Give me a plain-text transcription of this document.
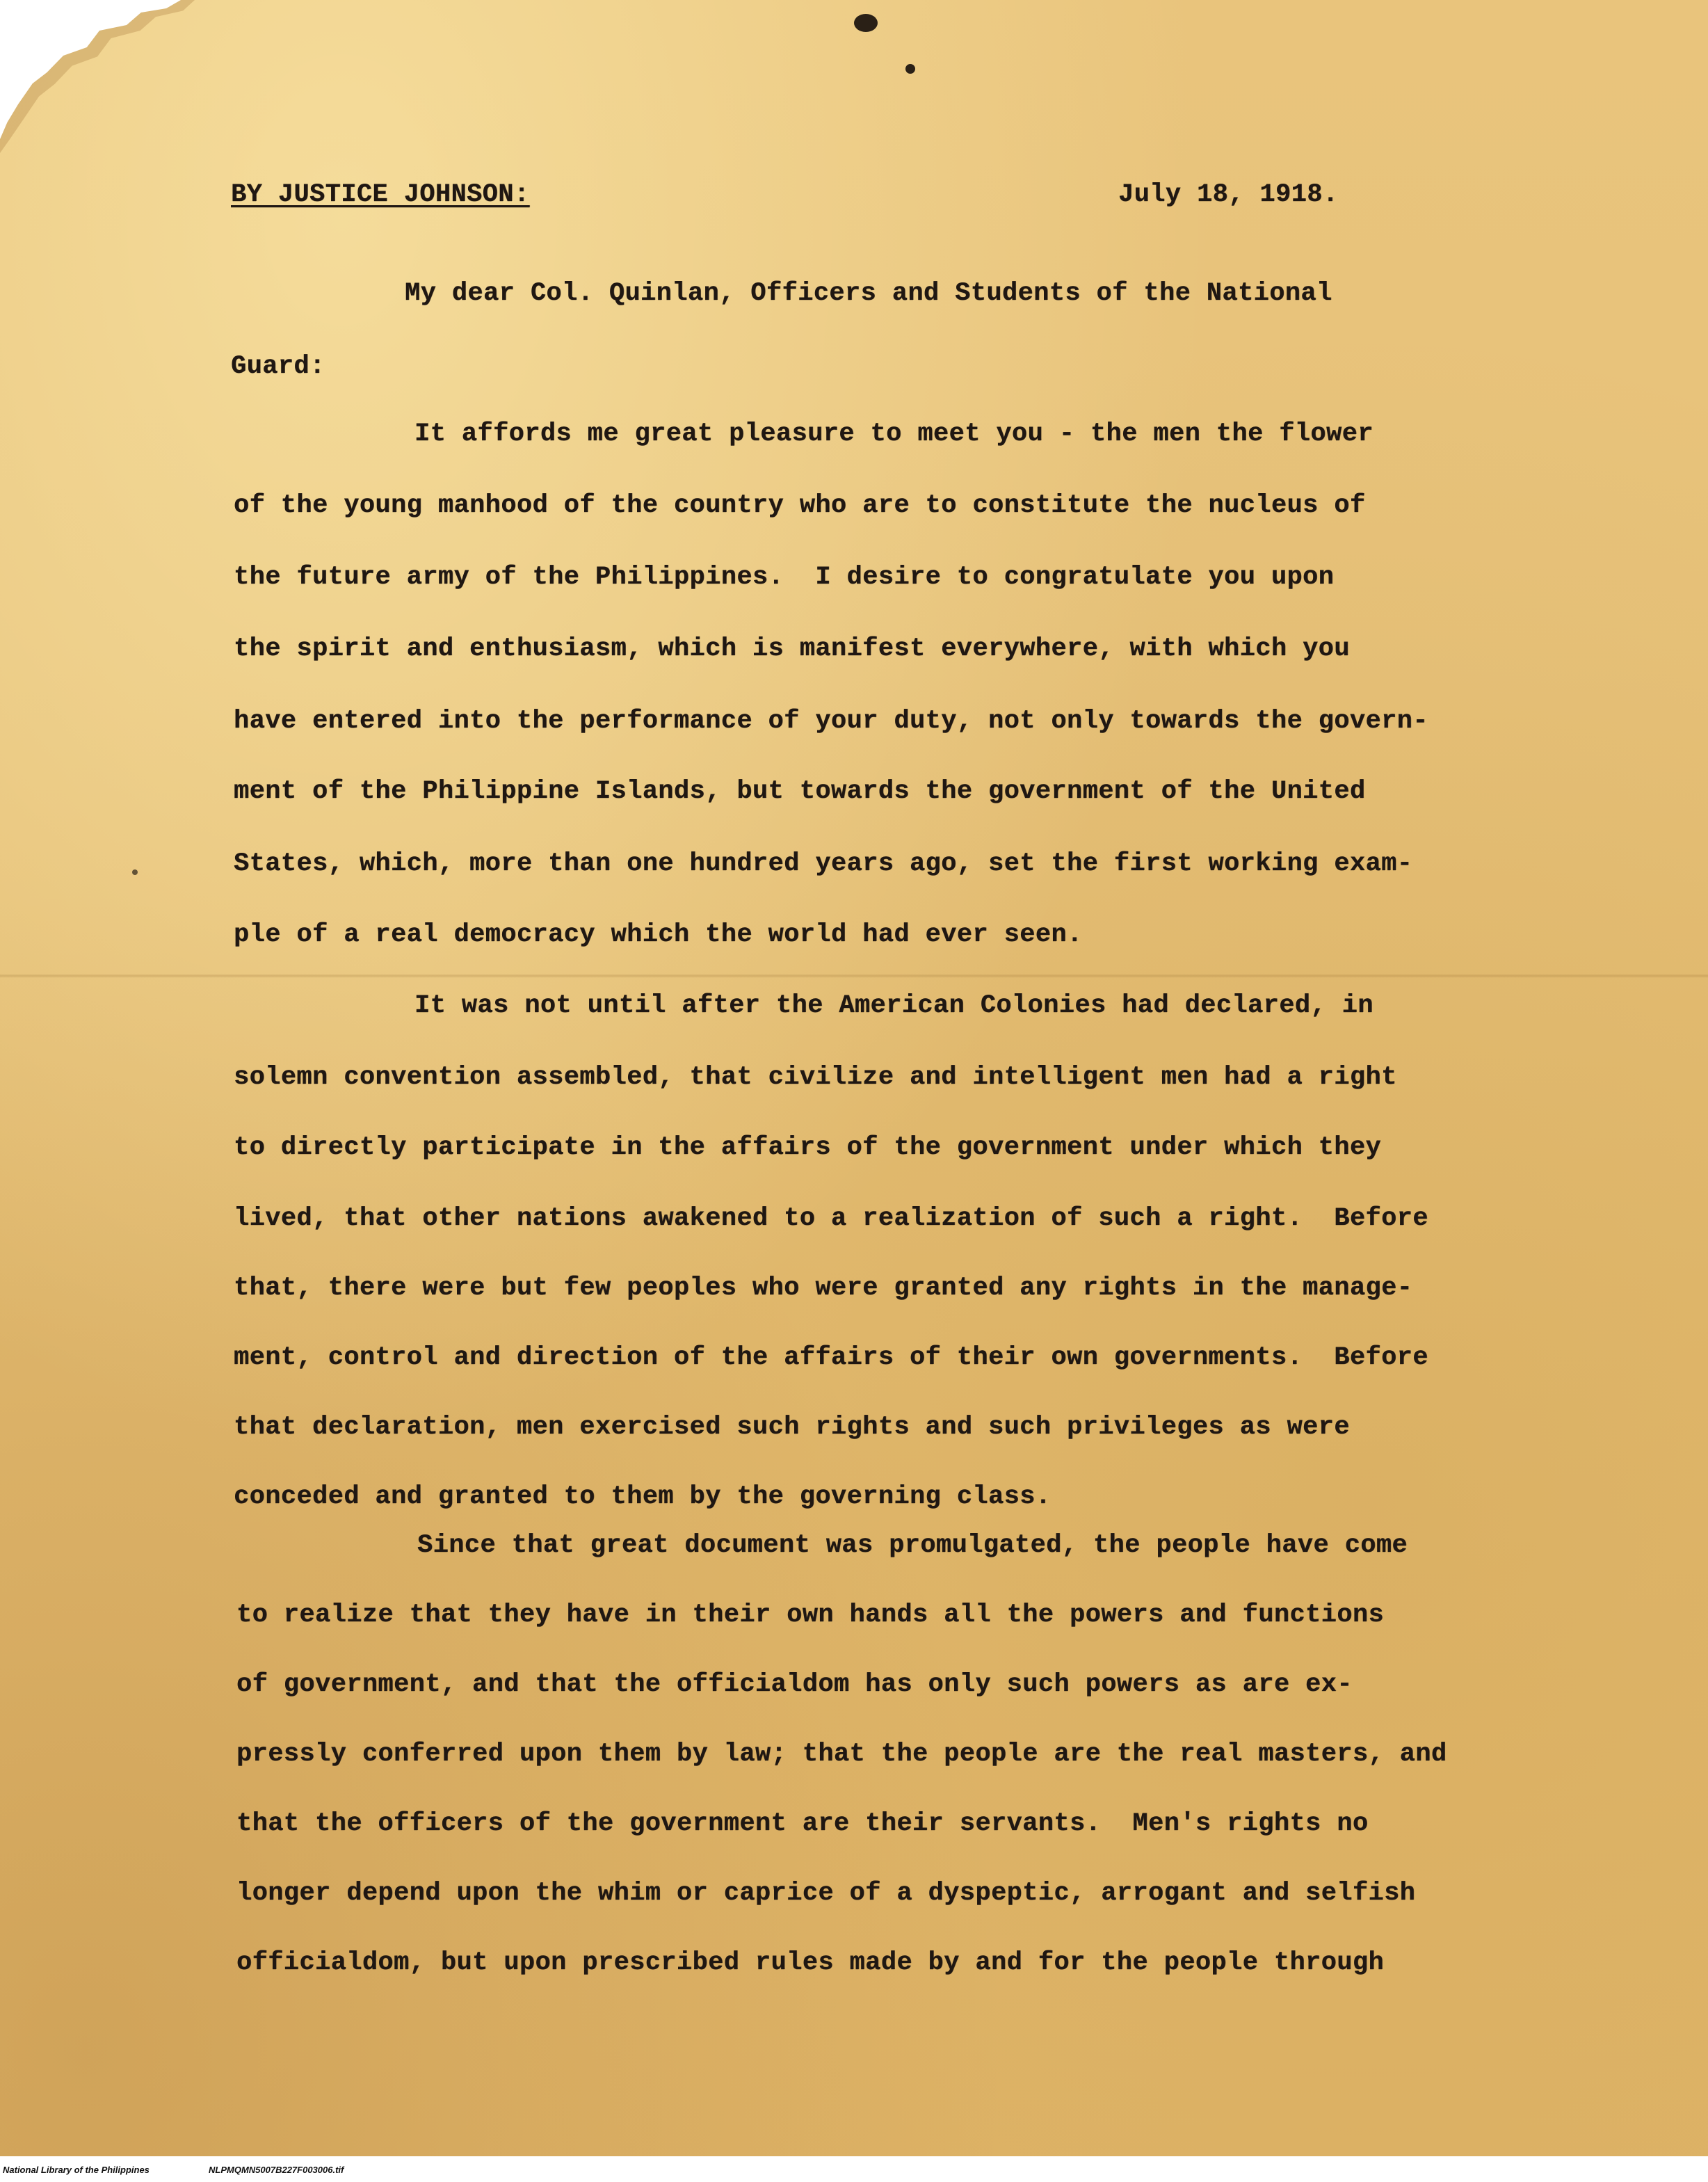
BY JUSTICE JOHNSON:	July 18, 1918.

My dear Col. Quinlan, Officers and Students of the National

Guard:

It affords me great pleasure to meet you - the men the flower

of the young manhood of the country who are to constitute the nucleus of

the future army of the Philippines.  I desire to congratulate you upon

the spirit and enthusiasm, which is manifest everywhere, with which you

have entered into the performance of your duty, not only towards the govern-

ment of the Philippine Islands, but towards the government of the United

States, which, more than one hundred years ago, set the first working exam-

ple of a real democracy which the world had ever seen.

It was not until after the American Colonies had declared, in

solemn convention assembled, that civilize and intelligent men had a right

to directly participate in the affairs of the government under which they

lived, that other nations awakened to a realization of such a right.  Before

that, there were but few peoples who were granted any rights in the manage-

ment, control and direction of the affairs of their own governments.  Before

that declaration, men exercised such rights and such privileges as were

conceded and granted to them by the governing class.

Since that great document was promulgated, the people have come

to realize that they have in their own hands all the powers and functions

of government, and that the officialdom has only such powers as are ex-

pressly conferred upon them by law; that the people are the real masters, and

that the officers of the government are their servants.  Men's rights no

longer depend upon the whim or caprice of a dyspeptic, arrogant and selfish

officialdom, but upon prescribed rules made by and for the people through

National Library of the Philippines	NLPMQMN5007B227F003006.tif
